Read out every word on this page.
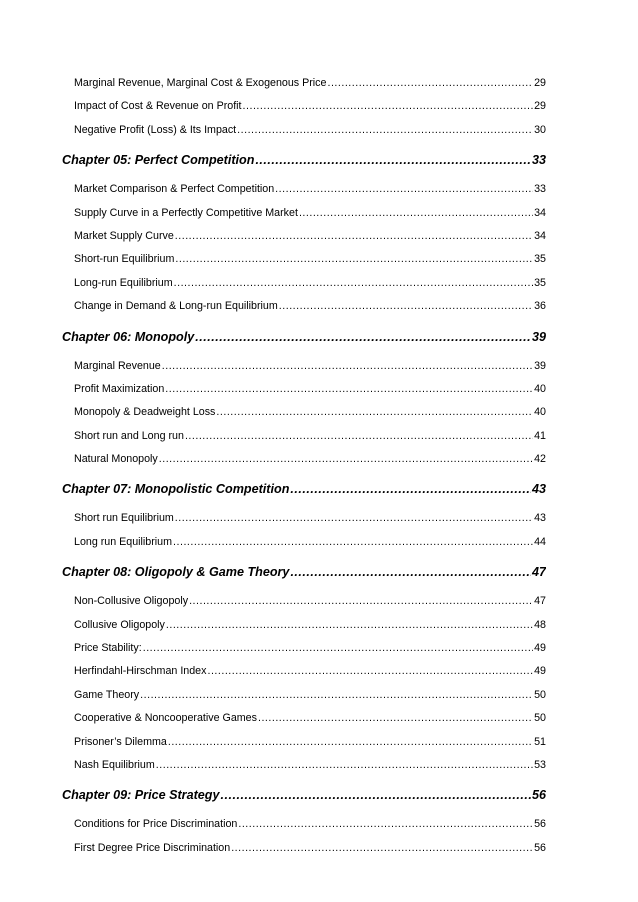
Marginal Revenue, Marginal Cost & Exogenous Price .....	29
Impact of Cost & Revenue on Profit .....	29
Negative Profit (Loss) & Its Impact .....	30
Chapter 05: Perfect Competition .....	33
Market Comparison & Perfect Competition .....	33
Supply Curve in a Perfectly Competitive Market .....	34
Market Supply Curve .....	34
Short-run Equilibrium .....	35
Long-run Equilibrium .....	35
Change in Demand & Long-run Equilibrium .....	36
Chapter 06: Monopoly .....	39
Marginal Revenue .....	39
Profit Maximization .....	40
Monopoly & Deadweight Loss .....	40
Short run and Long run .....	41
Natural Monopoly .....	42
Chapter 07: Monopolistic Competition .....	43
Short run Equilibrium .....	43
Long run Equilibrium .....	44
Chapter 08: Oligopoly & Game Theory .....	47
Non-Collusive Oligopoly .....	47
Collusive Oligopoly .....	48
Price Stability: .....	49
Herfindahl-Hirschman Index .....	49
Game Theory .....	50
Cooperative & Noncooperative Games .....	50
Prisoner’s Dilemma .....	51
Nash Equilibrium .....	53
Chapter 09: Price Strategy .....	56
Conditions for Price Discrimination .....	56
First Degree Price Discrimination .....	56
